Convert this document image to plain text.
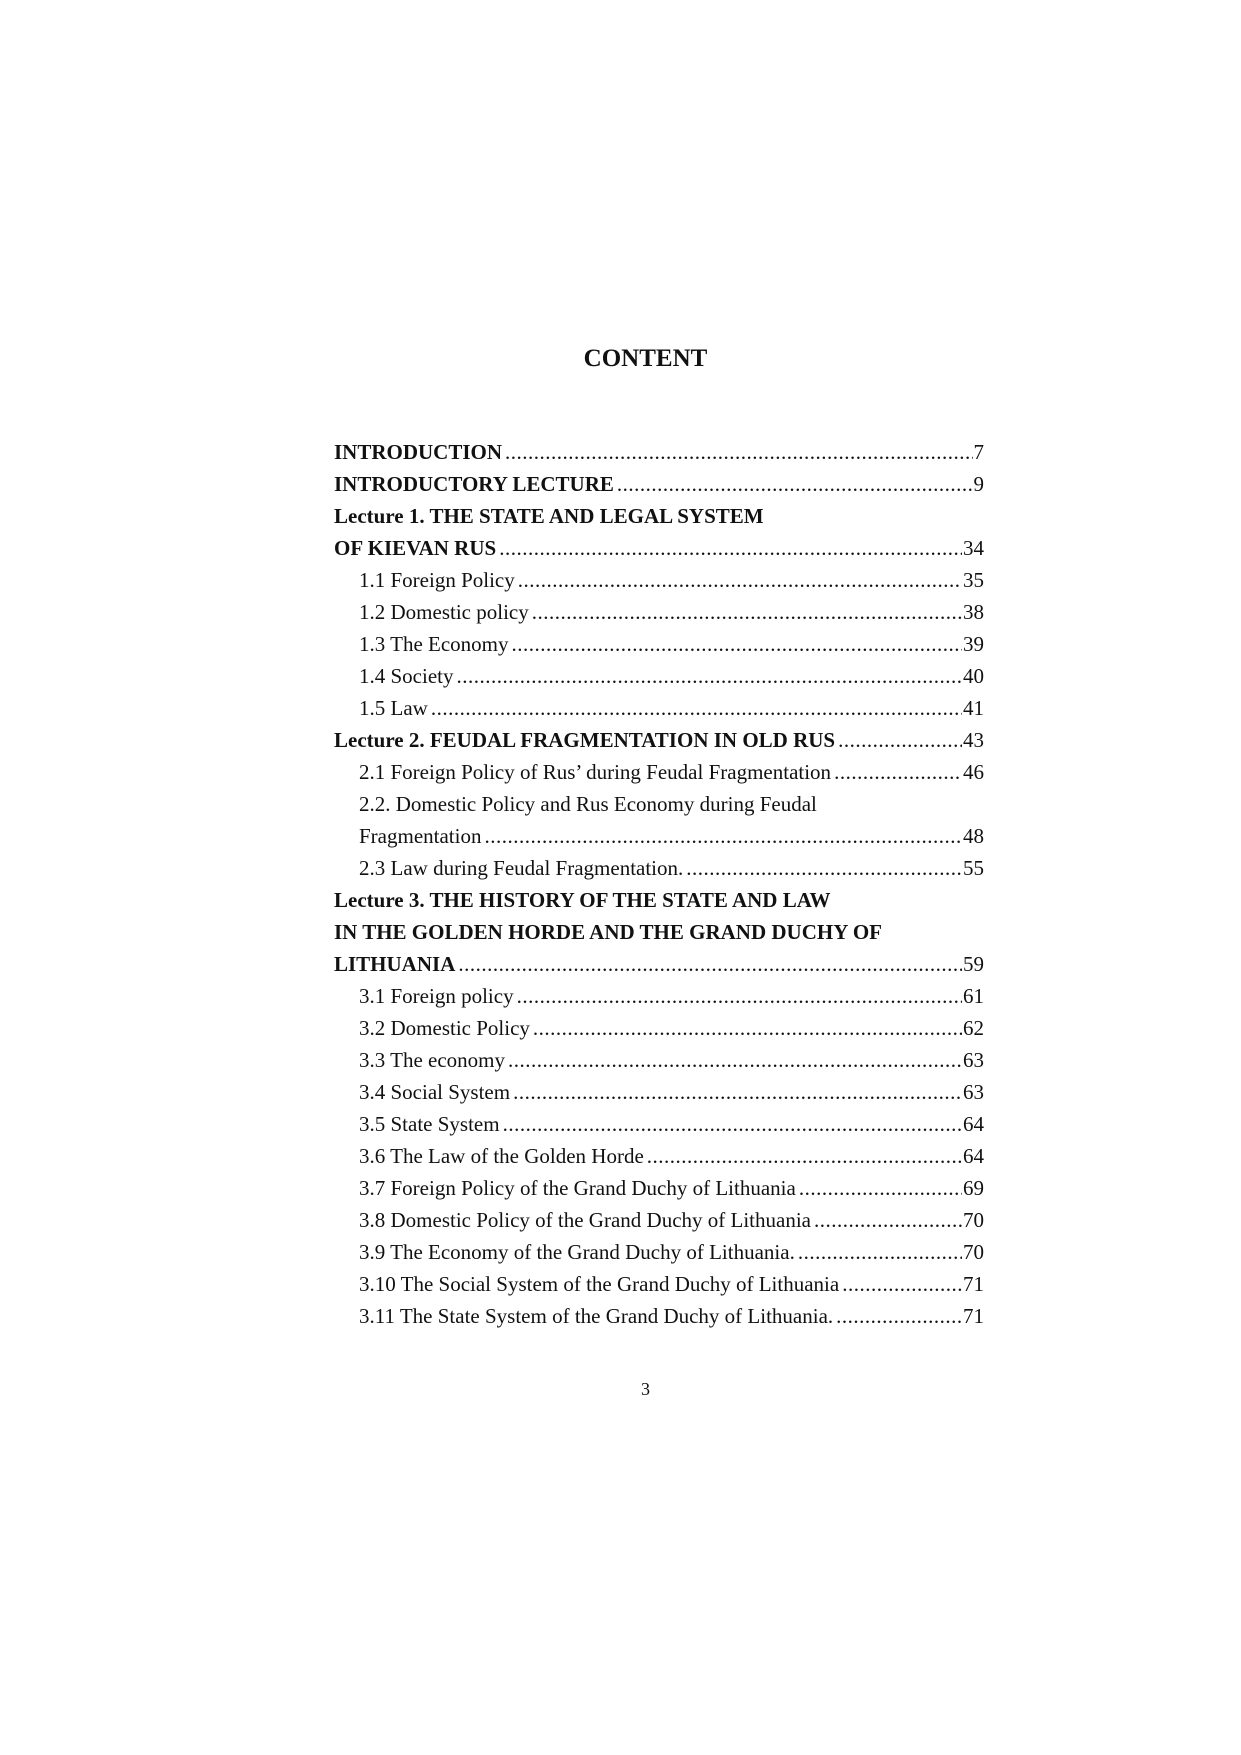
CONTENT
INTRODUCTION .....	7
INTRODUCTORY LECTURE .....	9
Lecture 1. THE STATE AND LEGAL SYSTEM
OF KIEVAN RUS .....	34
1.1 Foreign Policy .....	35
1.2 Domestic policy .....	38
1.3 The Economy .....	39
1.4 Society .....	40
1.5 Law .....	41
Lecture 2. FEUDAL FRAGMENTATION IN OLD RUS .....	43
2.1 Foreign Policy of Rus’ during Feudal Fragmentation .....	46
2.2. Domestic Policy and Rus Economy during Feudal
Fragmentation .....	48
2.3 Law during Feudal Fragmentation. .....	55
Lecture 3. THE HISTORY OF THE STATE AND LAW
IN THE GOLDEN HORDE AND THE GRAND DUCHY OF
LITHUANIA .....	59
3.1 Foreign policy .....	61
3.2 Domestic Policy .....	62
3.3 The economy .....	63
3.4 Social System .....	63
3.5 State System .....	64
3.6 The Law of the Golden Horde .....	64
3.7 Foreign Policy of the Grand Duchy of Lithuania .....	69
3.8 Domestic Policy of the Grand Duchy of Lithuania .....	70
3.9 The Economy of the Grand Duchy of Lithuania. .....	70
3.10 The Social System of the Grand Duchy of Lithuania .....	71
3.11 The State System of the Grand Duchy of Lithuania. .....	71
3
